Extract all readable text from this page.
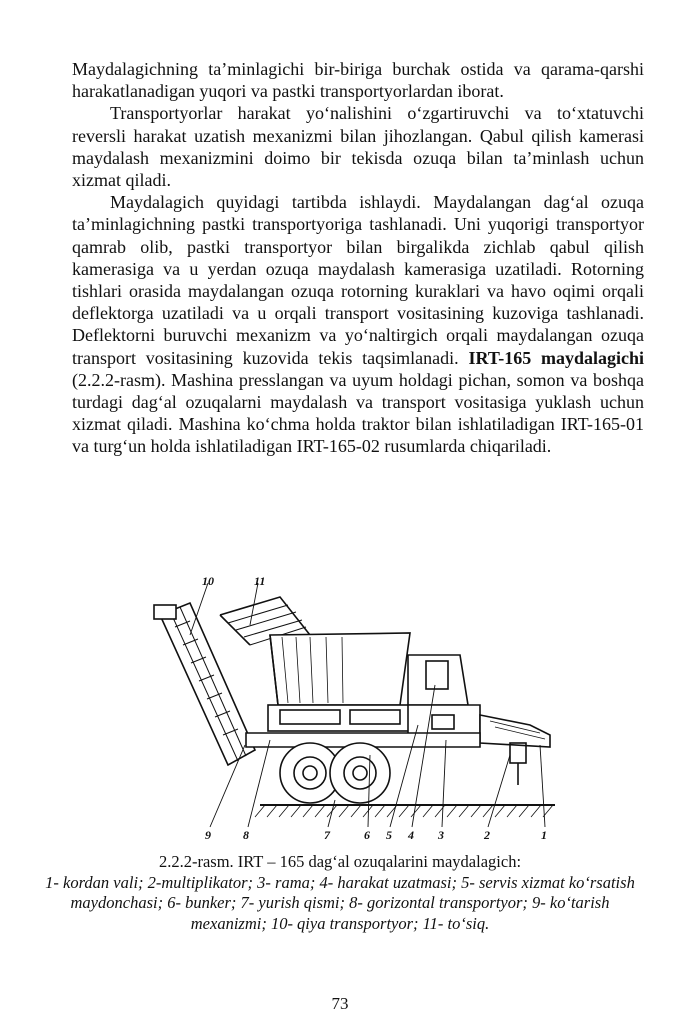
Maydalagichning ta’minlagichi bir-biriga burchak ostida va qarama-qarshi harakatlanadigan yuqori va pastki transportyorlardan iborat.

Transportyorlar harakat yo‘nalishini o‘zgartiruvchi va to‘xtatuvchi reversli harakat uzatish mexanizmi bilan jihozlangan. Qabul qilish kamerasi maydalash mexanizmini doimo bir tekisda ozuqa bilan ta’minlash uchun xizmat qiladi.

Maydalagich quyidagi tartibda ishlaydi. Maydalangan dag‘al ozuqa ta’minlagichning pastki transportyoriga tashlanadi. Uni yuqorigi transportyor qamrab olib, pastki transportyor bilan birgalikda zichlab qabul qilish kamerasiga va u yerdan ozuqa maydalash kamerasiga uzatiladi. Rotorning tishlari orasida maydalangan ozuqa rotorning kuraklari va havo oqimi orqali deflektorga uzatiladi va u orqali transport vositasining kuzoviga tashlanadi. Deflektorni buruvchi mexanizm va yo‘naltirgich orqali maydalangan ozuqa transport vositasining kuzovida tekis taqsimlanadi. IRT-165 maydalagichi (2.2.2-rasm). Mashina presslangan va uyum holdagi pichan, somon va boshqa turdagi dag‘al ozuqalarni maydalash va transport vositasiga yuklash uchun xizmat qiladi. Mashina ko‘chma holda traktor bilan ishlatiladigan IRT-165-01 va turg‘un holda ishlatiladigan IRT-165-02 rusumlarda chiqariladi.

10	11
9	8	7	6 5 4 3	2	1
2.2.2-rasm. IRT – 165 dag‘al ozuqalarini maydalagich:
1- kordan vali; 2-multiplikator; 3- rama; 4- harakat uzatmasi; 5- servis xizmat ko‘rsatish maydonchasi; 6- bunker; 7- yurish qismi; 8- gorizontal transportyor; 9- ko‘tarish mexanizmi; 10- qiya transportyor; 11- to‘siq.
73
